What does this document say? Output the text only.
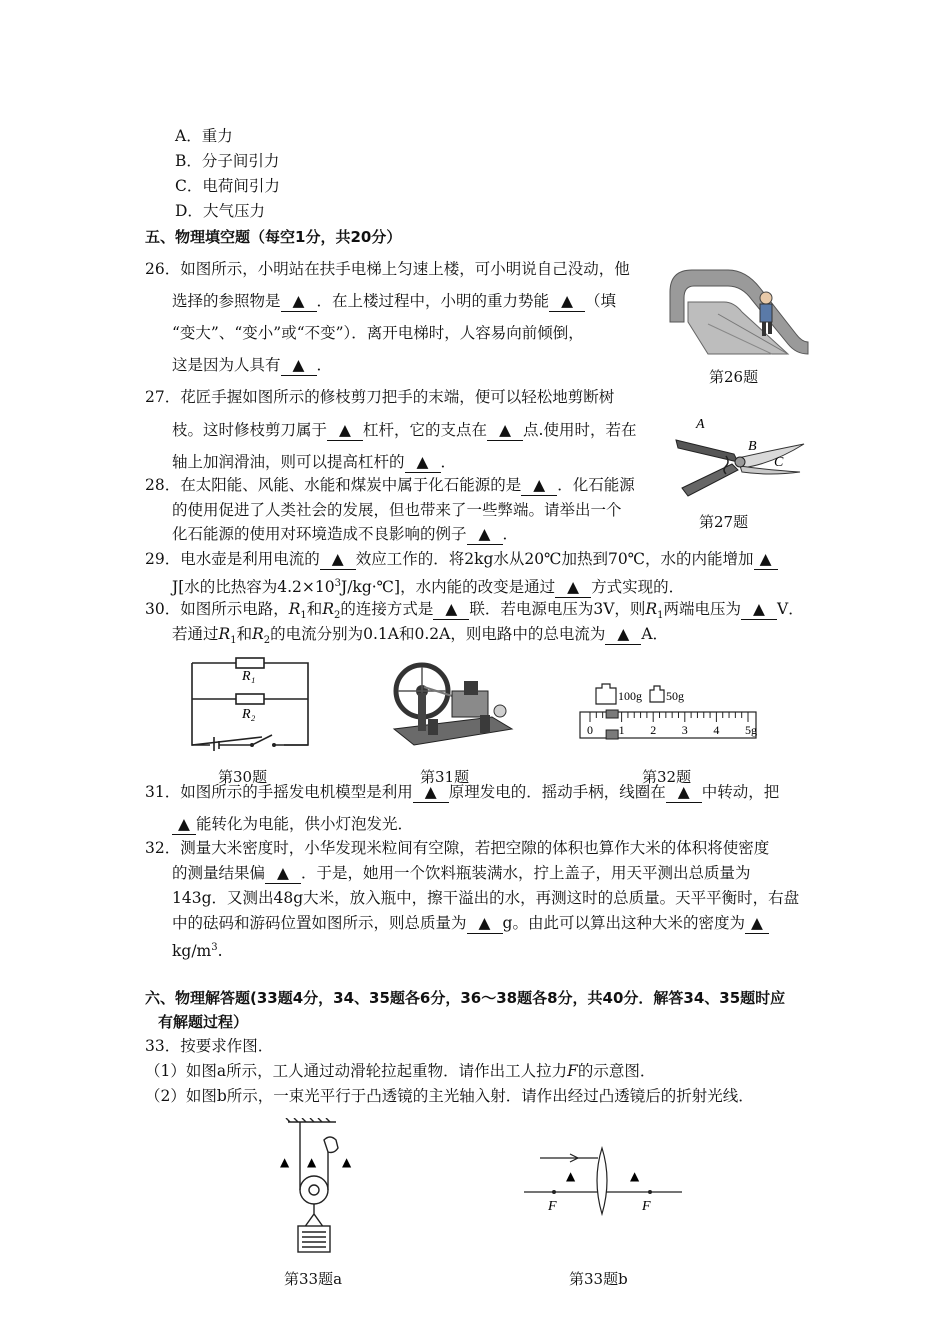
A．重力
B．分子间引力
C．电荷间引力
D．大气压力
五、物理填空题（每空1分，共20分）
26．如图所示，小明站在扶手电梯上匀速上楼，可小明说自己没动，他
选择的参照物是 ▲ ．在上楼过程中，小明的重力势能 ▲ （填
“变大”、“变小”或“不变”）．离开电梯时，人容易向前倾倒，
这是因为人具有 ▲ ．
第26题
27．花匠手握如图所示的修枝剪刀把手的末端，便可以轻松地剪断树
枝。这时修枝剪刀属于 ▲ 杠杆，它的支点在 ▲ 点.使用时，若在
轴上加润滑油，则可以提高杠杆的 ▲ ．
A
B
C
第27题
28．在太阳能、风能、水能和煤炭中属于化石能源的是 ▲ ．化石能源
的使用促进了人类社会的发展，但也带来了一些弊端。请举出一个
化石能源的使用对环境造成不良影响的例子 ▲ ．
29．电水壶是利用电流的 ▲ 效应工作的．将2kg水从20℃加热到70℃，水的内能增加 ▲
J[水的比热容为$4.2\times 10^3J/kg\cdot℃$]，水内能的改变是通过 ▲ 方式实现的．
30．如图所示电路，$R_1$和$R_2$的连接方式是 ▲ 联．若电源电压为3V，则$R_1$两端电压为 ▲ V．
若通过$R_1$和$R_2$的电流分别为0.1A和0.2A，则电路中的总电流为 ▲ A．
R₁
R₂
第30题	第31题
100g 50g
0 1 2 3 4 5g
第32题
31．如图所示的手摇发电机模型是利用 ▲ 原理发电的．摇动手柄，线圈在 ▲ 中转动，把
▲ 能转化为电能，供小灯泡发光．
32．测量大米密度时，小华发现米粒间有空隙，若把空隙的体积也算作大米的体积将使密度
的测量结果偏 ▲ ．于是，她用一个饮料瓶装满水，拧上盖子，用天平测出总质量为
143g．又测出48g大米，放入瓶中，擦干溢出的水，再测这时的总质量。天平平衡时，右盘
中的砝码和游码位置如图所示，则总质量为 ▲ g。由此可以算出这种大米的密度为 ▲
$kg/m^3$.
六、物理解答题(33题4分，34、35题各6分，36～38题各8分，共40分．解答34、35题时应
有解题过程）
33．按要求作图．
（1）如图a所示，工人通过动滑轮拉起重物．请作出工人拉力F的示意图．
（2）如图b所示，一束光平行于凸透镜的主光轴入射．请作出经过凸透镜后的折射光线．
▲ ▲ ▲
第33题a
F	F
▲	▲
第33题b
